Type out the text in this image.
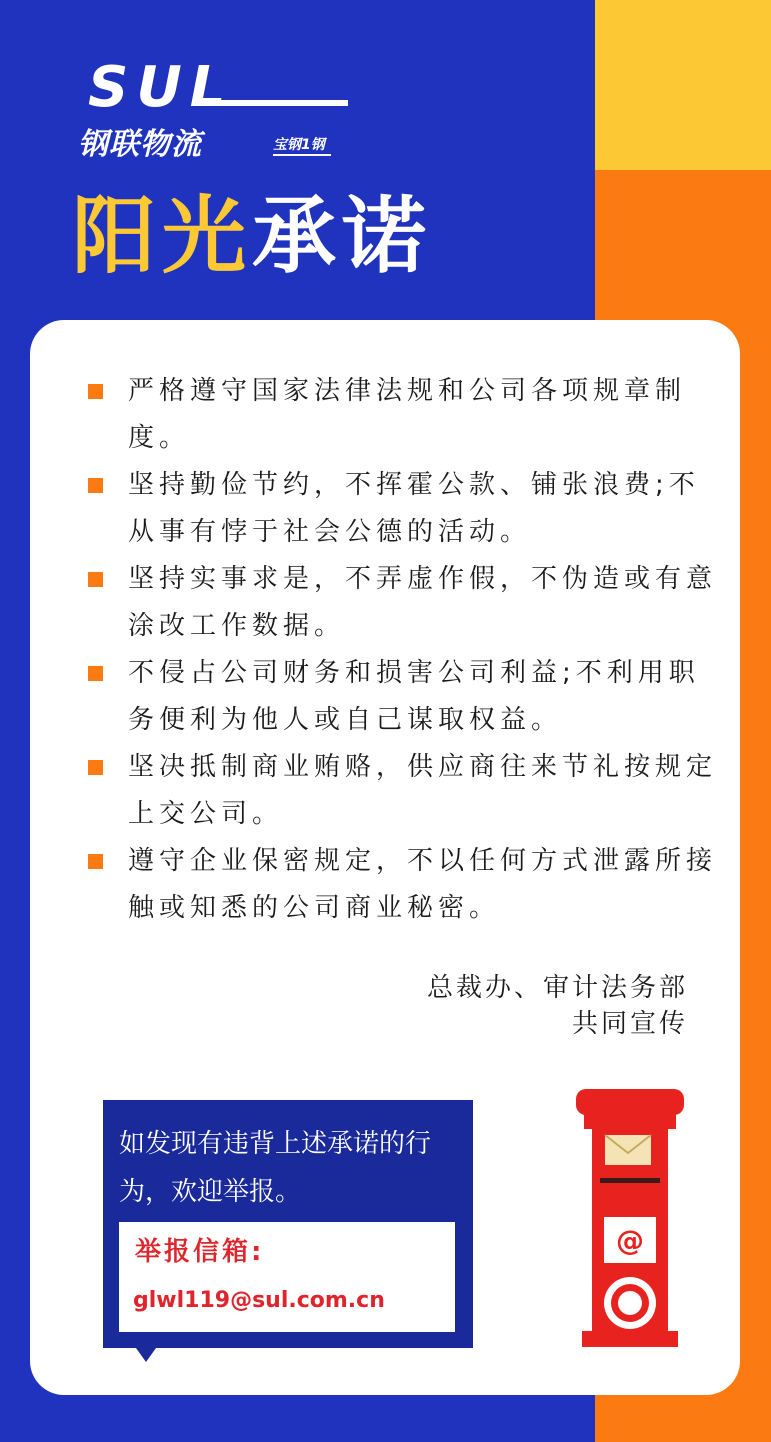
SUL
钢联物流	宝钢1钢
阳光承诺
严格遵守国家法律法规和公司各项规章制度。
坚持勤俭节约，不挥霍公款、铺张浪费;不从事有悖于社会公德的活动。
坚持实事求是，不弄虚作假，不伪造或有意涂改工作数据。
不侵占公司财务和损害公司利益;不利用职务便利为他人或自己谋取权益。
坚决抵制商业贿赂，供应商往来节礼按规定上交公司。
遵守企业保密规定，不以任何方式泄露所接触或知悉的公司商业秘密。
总裁办、审计法务部
共同宣传
如发现有违背上述承诺的行为，欢迎举报。
举报信箱:
glwl119@sul.com.cn
@
